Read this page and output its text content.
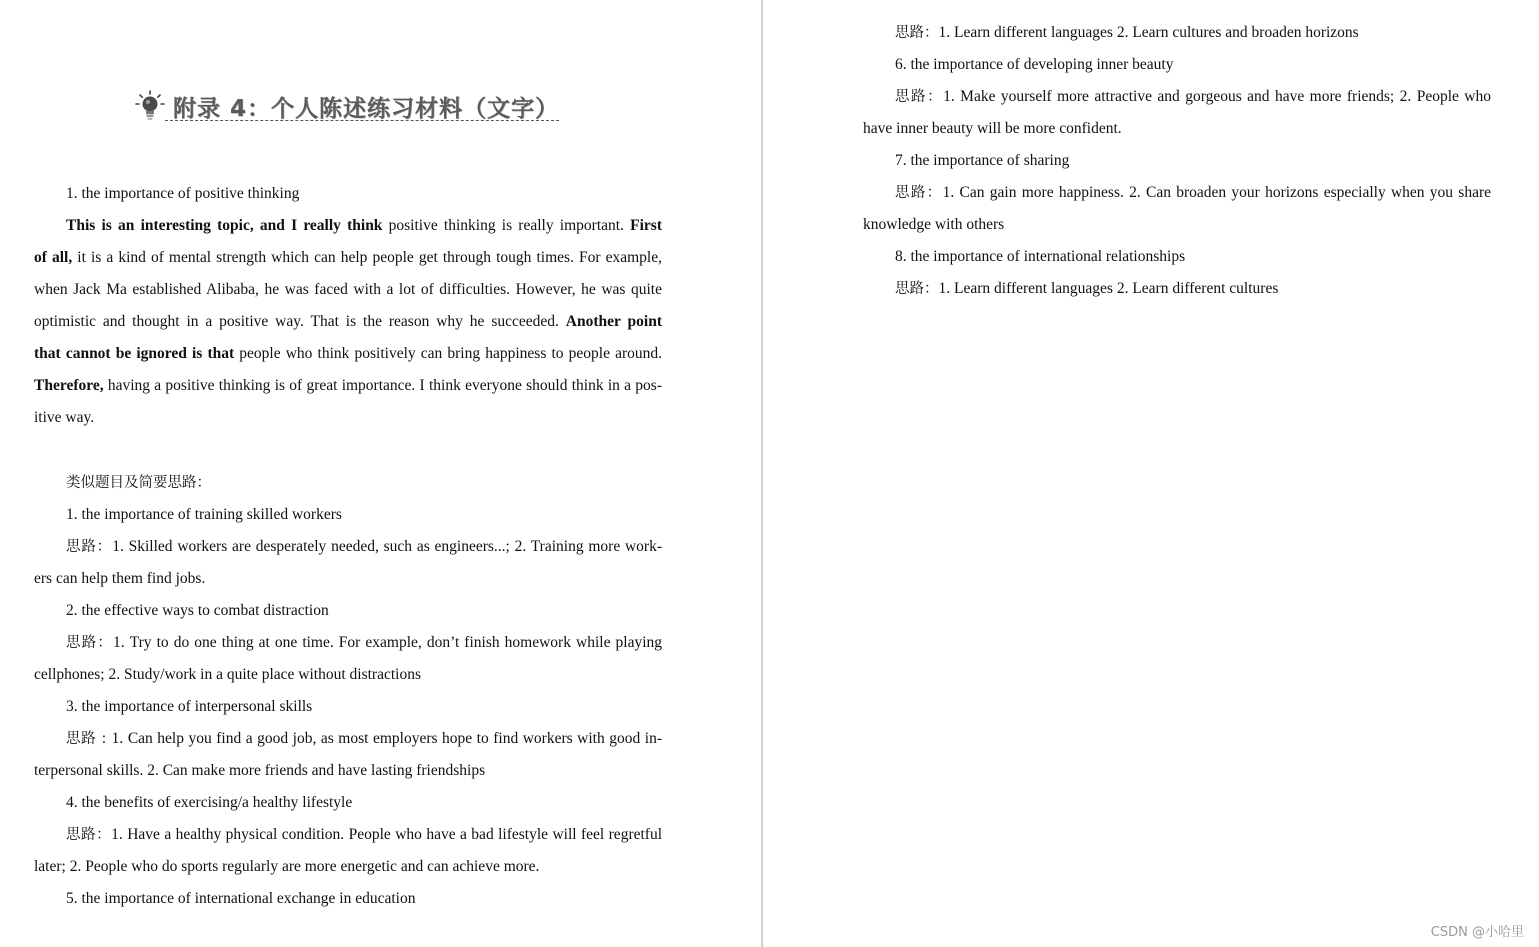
附录 4：个人陈述练习材料（文字）

1. the importance of positive thinking

This is an interesting topic, and I really think positive thinking is really important. First

of all, it is a kind of mental strength which can help people get through tough times. For example,

when Jack Ma established Alibaba, he was faced with a lot of difficulties. However, he was quite

optimistic and thought in a positive way. That is the reason why he succeeded. Another point

that cannot be ignored is that people who think positively can bring happiness to people around.

Therefore, having a positive thinking is of great importance. I think everyone should think in a pos-

itive way.

类似题目及简要思路：

1. the importance of training skilled workers

思路：1. Skilled workers are desperately needed, such as engineers...; 2. Training more work-

ers can help them find jobs.

2. the effective ways to combat distraction

思路：1. Try to do one thing at one time. For example, don’t finish homework while playing

cellphones; 2. Study/work in a quite place without distractions

3. the importance of interpersonal skills

思路 : 1. Can help you find a good job, as most employers hope to find workers with good in-

terpersonal skills. 2. Can make more friends and have lasting friendships

4. the benefits of exercising/a healthy lifestyle

思路：1. Have a healthy physical condition. People who have a bad lifestyle will feel regretful

later; 2. People who do sports regularly are more energetic and can achieve more.

5. the importance of international exchange in education

思路：1. Learn different languages 2. Learn cultures and broaden horizons

6. the importance of developing inner beauty

思路：1. Make yourself more attractive and gorgeous and have more friends; 2. People who

have inner beauty will be more confident.

7. the importance of sharing

思路：1. Can gain more happiness. 2. Can broaden your horizons especially when you share

knowledge with others

8. the importance of international relationships

思路：1. Learn different languages 2. Learn different cultures

CSDN @小哈里
